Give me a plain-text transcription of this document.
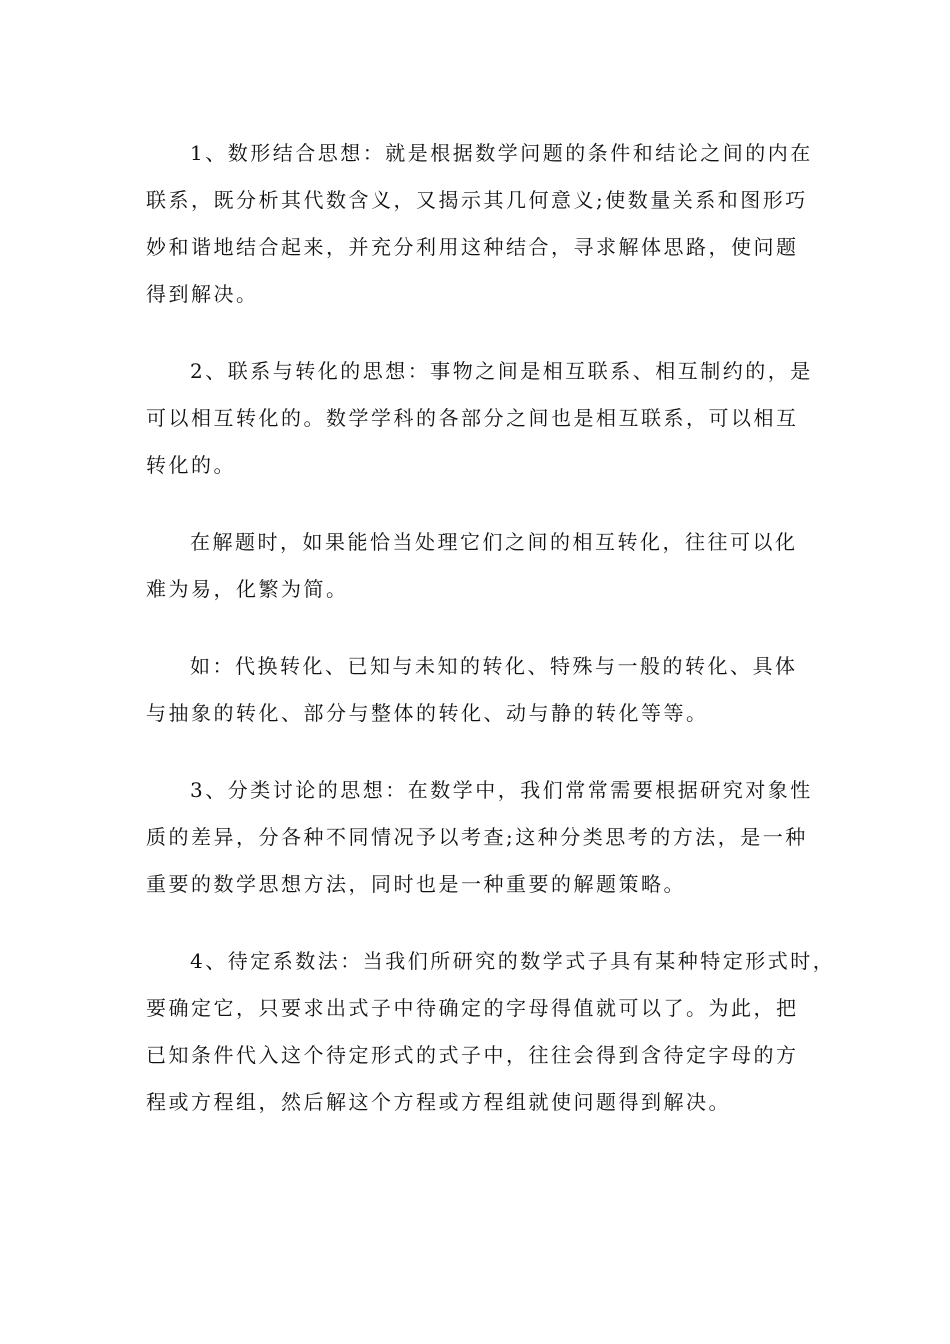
1、数形结合思想：就是根据数学问题的条件和结论之间的内在
联系，既分析其代数含义，又揭示其几何意义;使数量关系和图形巧
妙和谐地结合起来，并充分利用这种结合，寻求解体思路，使问题
得到解决。

2、联系与转化的思想：事物之间是相互联系、相互制约的，是
可以相互转化的。数学学科的各部分之间也是相互联系，可以相互
转化的。

在解题时，如果能恰当处理它们之间的相互转化，往往可以化
难为易，化繁为简。

如：代换转化、已知与未知的转化、特殊与一般的转化、具体
与抽象的转化、部分与整体的转化、动与静的转化等等。

3、分类讨论的思想：在数学中，我们常常需要根据研究对象性
质的差异，分各种不同情况予以考查;这种分类思考的方法，是一种
重要的数学思想方法，同时也是一种重要的解题策略。

4、待定系数法：当我们所研究的数学式子具有某种特定形式时，
要确定它，只要求出式子中待确定的字母得值就可以了。为此，把
已知条件代入这个待定形式的式子中，往往会得到含待定字母的方
程或方程组，然后解这个方程或方程组就使问题得到解决。
